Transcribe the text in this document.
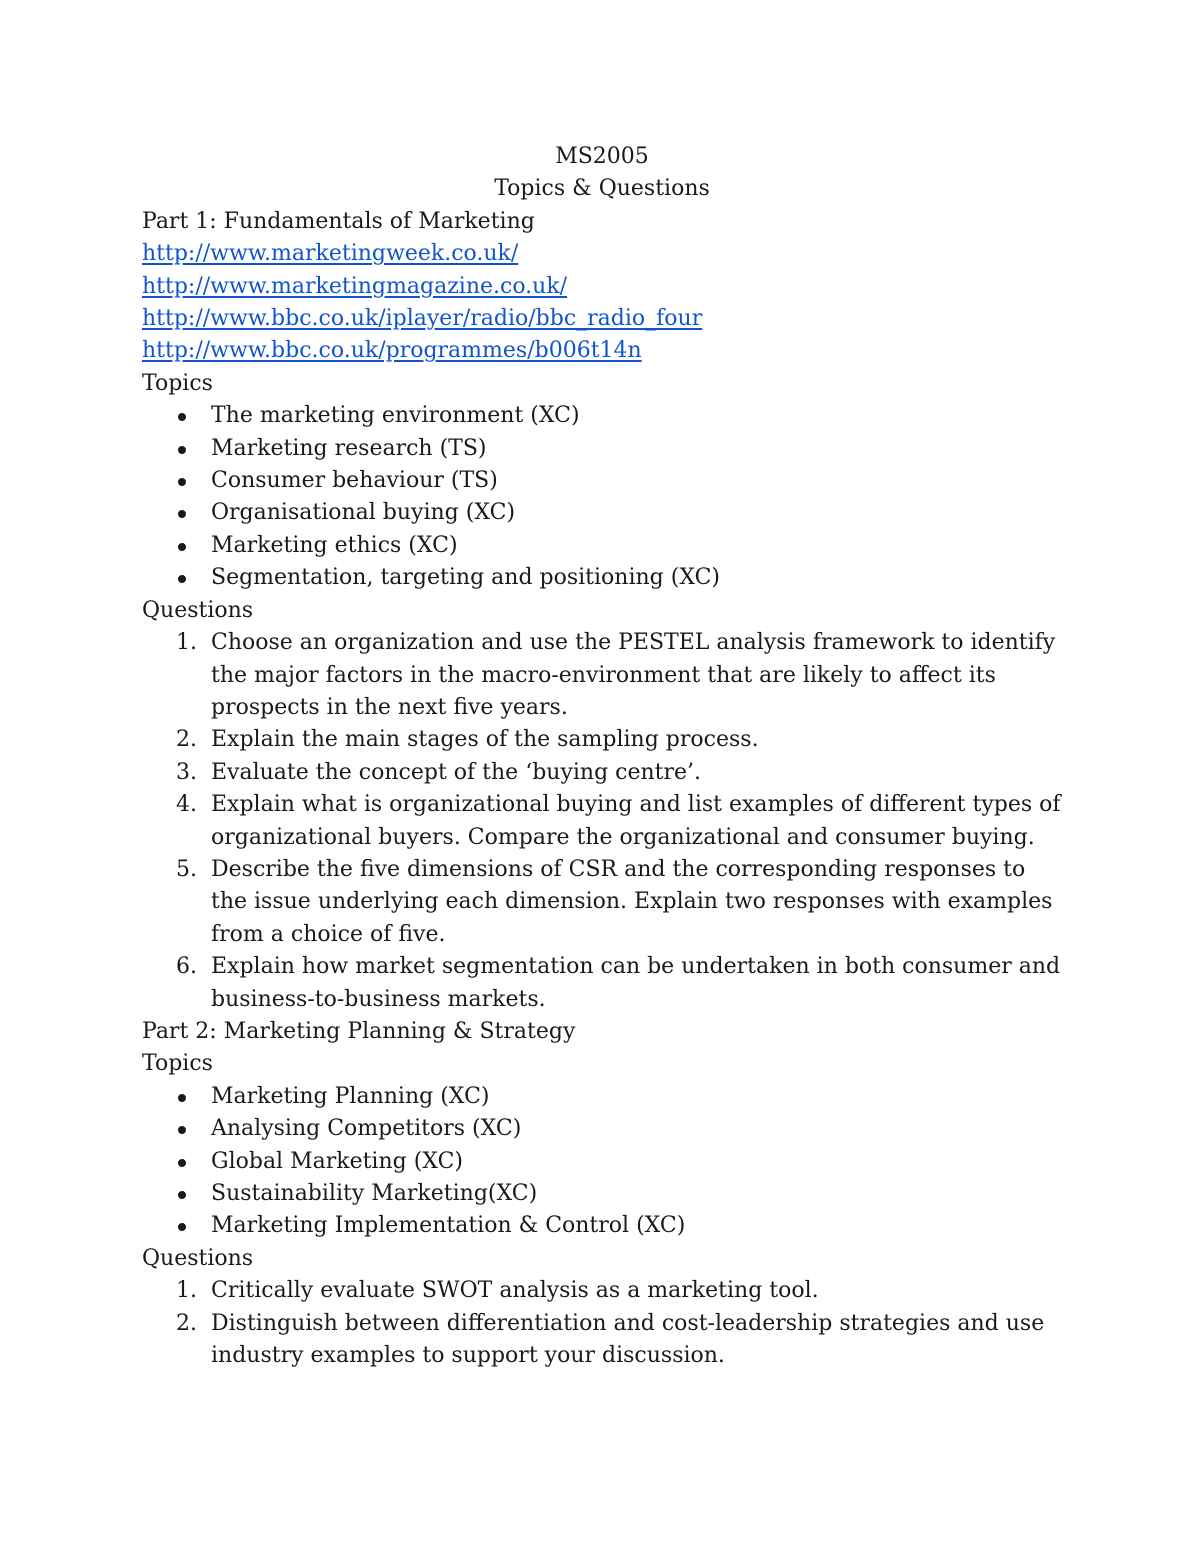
MS2005

Topics & Questions

Part 1: Fundamentals of Marketing

http://www.marketingweek.co.uk/

http://www.marketingmagazine.co.uk/

http://www.bbc.co.uk/iplayer/radio/bbc_radio_four

http://www.bbc.co.uk/programmes/b006t14n

Topics

The marketing environment (XC)
Marketing research (TS)
Consumer behaviour (TS)
Organisational buying (XC)
Marketing ethics (XC)
Segmentation, targeting and positioning (XC)

Questions

1. Choose an organization and use the PESTEL analysis framework to identify the major factors in the macro-environment that are likely to affect its prospects in the next five years.
2. Explain the main stages of the sampling process.
3. Evaluate the concept of the ‘buying centre’.
4. Explain what is organizational buying and list examples of different types of organizational buyers. Compare the organizational and consumer buying.
5. Describe the five dimensions of CSR and the corresponding responses to the issue underlying each dimension. Explain two responses with examples from a choice of five.
6. Explain how market segmentation can be undertaken in both consumer and business-to-business markets.

Part 2: Marketing Planning & Strategy

Topics

Marketing Planning (XC)
Analysing Competitors (XC)
Global Marketing (XC)
Sustainability Marketing(XC)
Marketing Implementation & Control (XC)

Questions

1. Critically evaluate SWOT analysis as a marketing tool.
2. Distinguish between differentiation and cost-leadership strategies and use industry examples to support your discussion.
